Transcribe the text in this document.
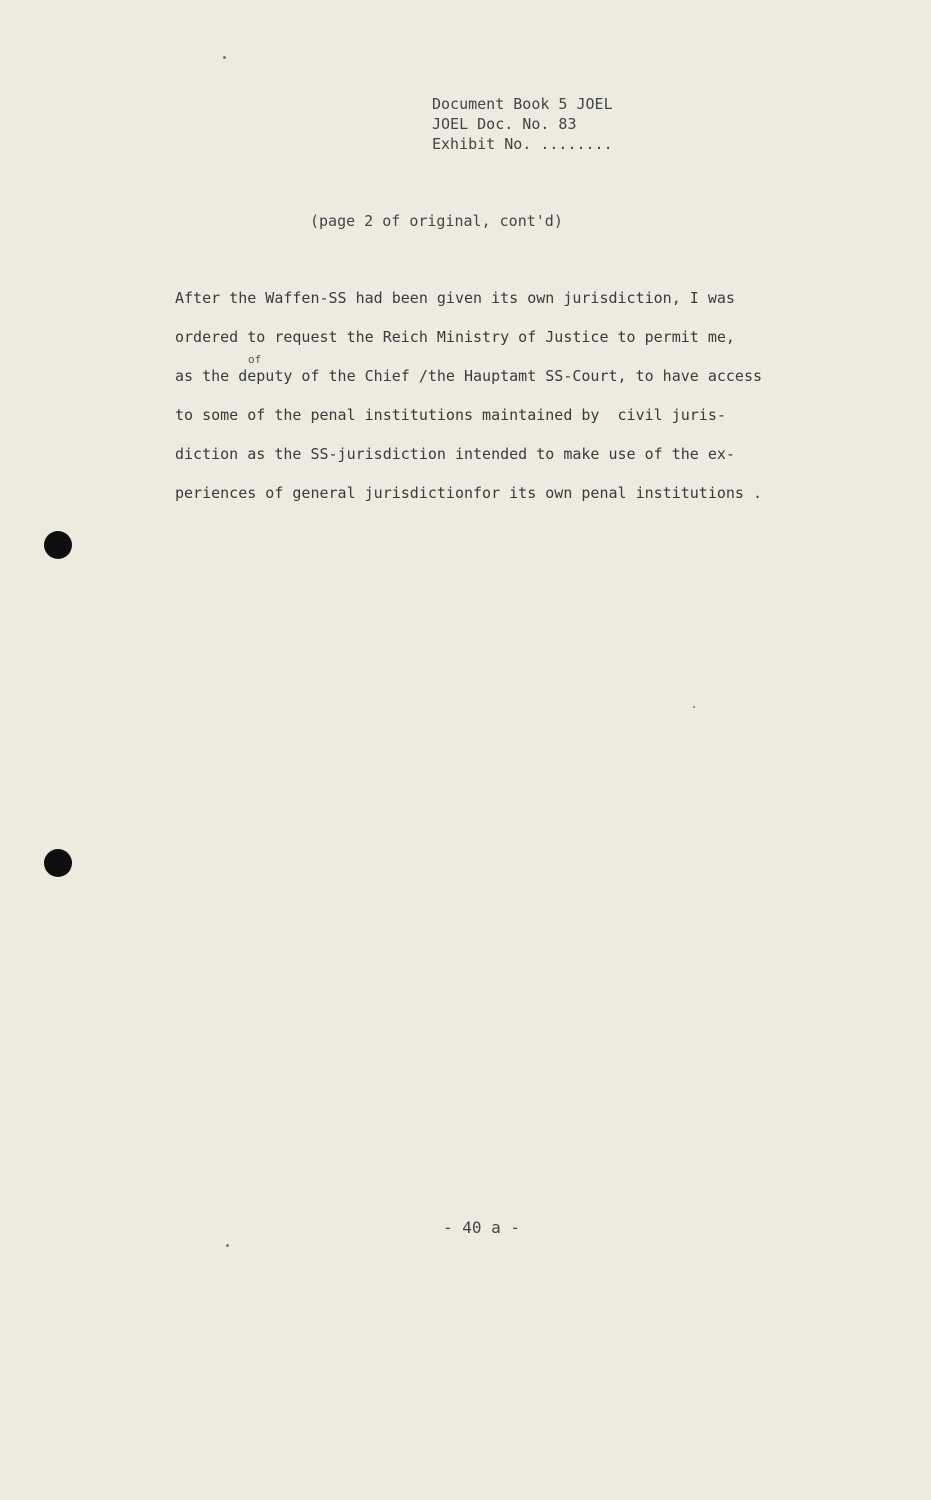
Document Book 5 JOEL
JOEL Doc. No. 83
Exhibit No. ........
(page 2 of original, cont'd)
of
After the Waffen-SS had been given its own jurisdiction, I was
ordered to request the Reich Ministry of Justice to permit me,
as the deputy of the Chief /the Hauptamt SS-Court, to have access
to some of the penal institutions maintained by  civil juris-
diction as the SS-jurisdiction intended to make use of the ex-
periences of general jurisdictionfor its own penal institutions .
- 40 a -
